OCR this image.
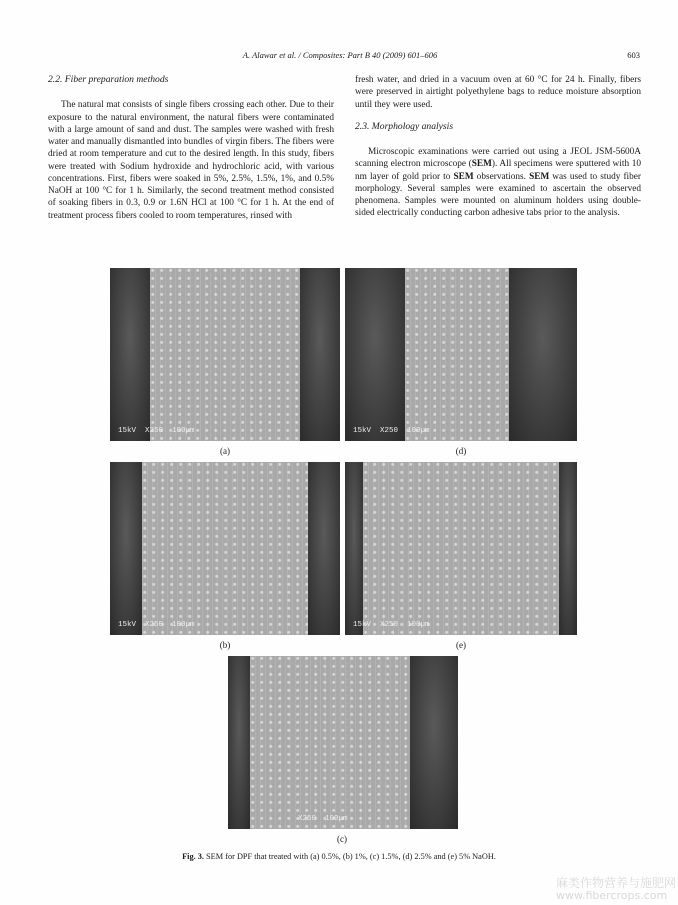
A. Alawar et al. / Composites: Part B 40 (2009) 601–606	603
2.2. Fiber preparation methods

The natural mat consists of single fibers crossing each other. Due to their exposure to the natural environment, the natural fibers were contaminated with a large amount of sand and dust. The samples were washed with fresh water and manually dismantled into bundles of virgin fibers. The fibers were dried at room temperature and cut to the desired length. In this study, fibers were treated with Sodium hydroxide and hydrochloric acid, with various concentrations. First, fibers were soaked in 5%, 2.5%, 1.5%, 1%, and 0.5% NaOH at 100 °C for 1 h. Similarly, the second treatment method consisted of soaking fibers in 0.3, 0.9 or 1.6N HCl at 100 °C for 1 h. At the end of treatment process fibers cooled to room temperatures, rinsed with

fresh water, and dried in a vacuum oven at 60 °C for 24 h. Finally, fibers were preserved in airtight polyethylene bags to reduce moisture absorption until they were used.

2.3. Morphology analysis

Microscopic examinations were carried out using a JEOL JSM-5600A scanning electron microscope (SEM). All specimens were sputtered with 10 nm layer of gold prior to SEM observations. SEM was used to study fiber morphology. Several samples were examined to ascertain the observed phenomena. Samples were mounted on aluminum holders using double-sided electrically conducting carbon adhesive tabs prior to the analysis.

15kV  X250  100µm
(a)
15kV  X250  100µm
(d)
15kV  X250  100µm
(b)
15kV  X250  100µm
(e)
X250  100µm
(c)
Fig. 3. SEM for DPF that treated with (a) 0.5%, (b) 1%, (c) 1.5%, (d) 2.5% and (e) 5% NaOH.
麻类作物营养与施肥网
www.fibercrops.com
